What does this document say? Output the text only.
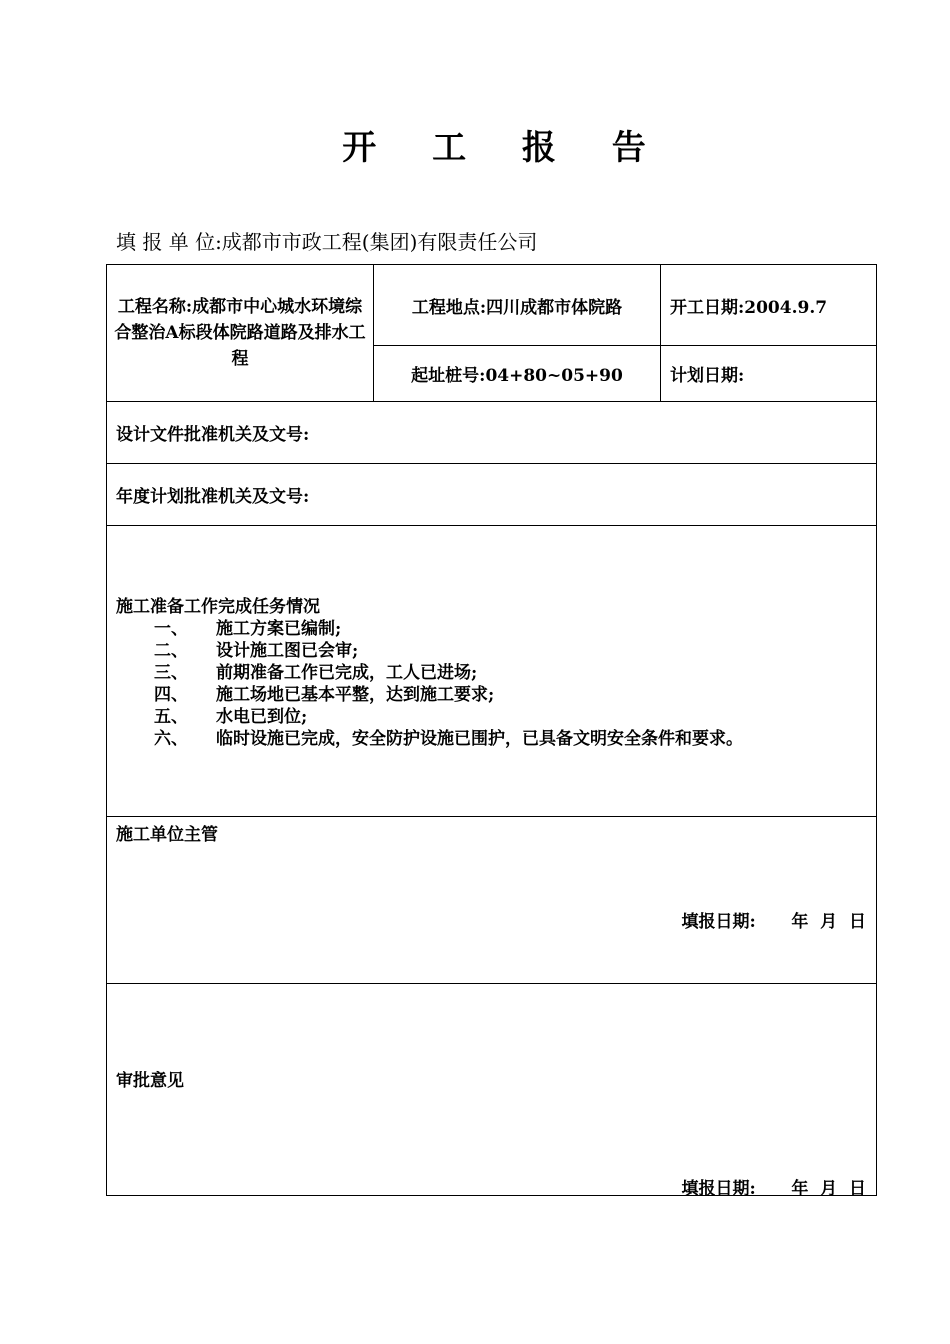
开 工 报 告
填 报 单 位:成都市市政工程(集团)有限责任公司
工程名称:成都市中心城水环境综合整治A标段体院路道路及排水工程
工程地点:四川成都市体院路	开工日期:2004.9.7
起址桩号:04+80~05+90	计划日期:
设计文件批准机关及文号:
年度计划批准机关及文号:
施工准备工作完成任务情况
一、	施工方案已编制;
二、	设计施工图已会审;
三、	前期准备工作已完成，工人已进场;
四、	施工场地已基本平整，达到施工要求;
五、	水电已到位;
六、	临时设施已完成，安全防护设施已围护，已具备文明安全条件和要求。
施工单位主管
填报日期:      年  月  日
审批意见
填报日期:      年  月  日
